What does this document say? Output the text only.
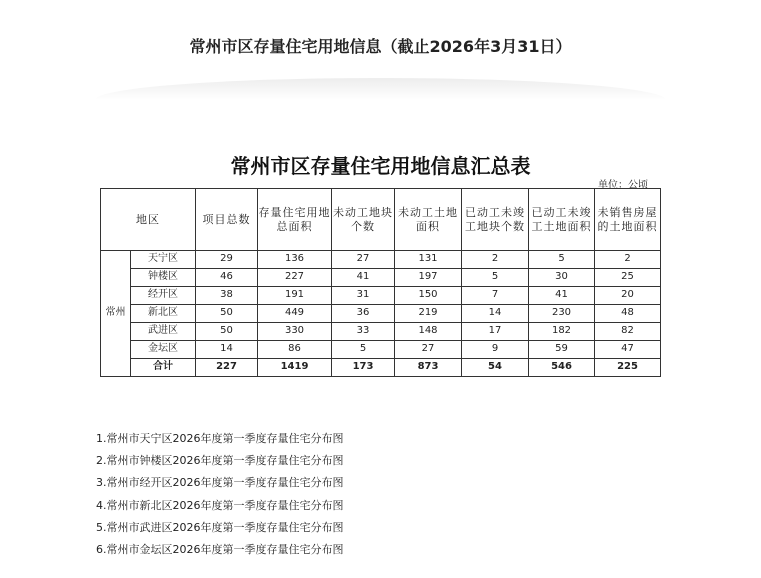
常州市区存量住宅用地信息（截止2026年3月31日）
常州市区存量住宅用地信息汇总表
单位：公顷
地区		项目总数	存量住宅用地总面积	未动工地块个数	未动工土地面积	已动工未竣工地块个数	已动工未竣工土地面积	未销售房屋的土地面积
常州	天宁区	29	136	27	131	2	5	2
	钟楼区	46	227	41	197	5	30	25
	经开区	38	191	31	150	7	41	20
	新北区	50	449	36	219	14	230	48
	武进区	50	330	33	148	17	182	82
	金坛区	14	86	5	27	9	59	47
	合计	227	1419	173	873	54	546	225
1.常州市天宁区2026年度第一季度存量住宅分布图
2.常州市钟楼区2026年度第一季度存量住宅分布图
3.常州市经开区2026年度第一季度存量住宅分布图
4.常州市新北区2026年度第一季度存量住宅分布图
5.常州市武进区2026年度第一季度存量住宅分布图
6.常州市金坛区2026年度第一季度存量住宅分布图
